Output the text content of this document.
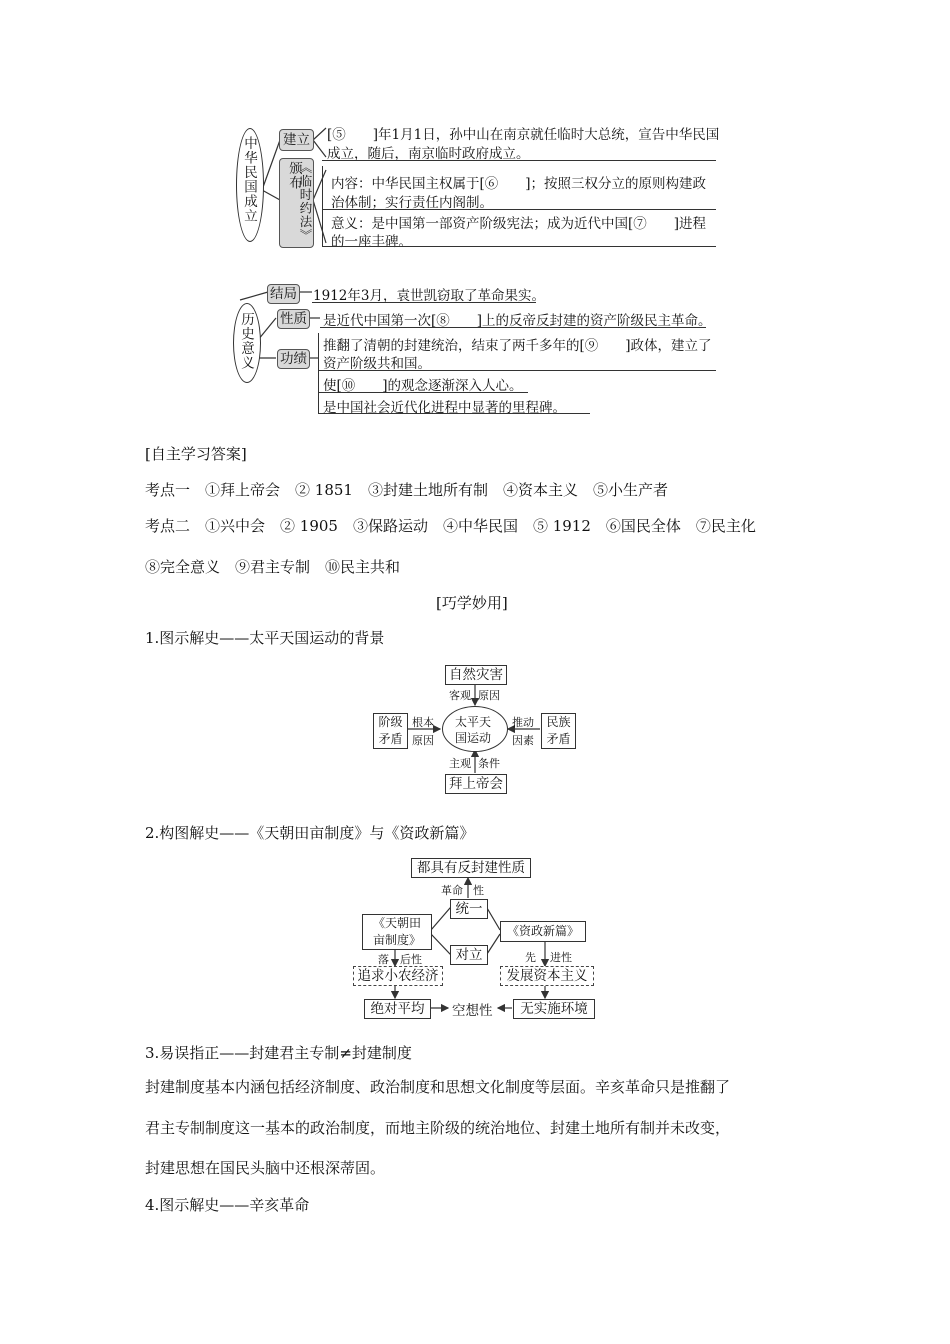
中华民国成立 建立
颁布
《临时约法》
[⑤　　]年1月1日，孙中山在南京就任临时大总统，宣告中华民国
成立，随后，南京临时政府成立。
内容：中华民国主权属于[⑥　　]；按照三权分立的原则构建政
治体制；实行责任内阁制。
意义：是中国第一部资产阶级宪法；成为近代中国[⑦　　]进程
的一座丰碑。
历史意义
结局
性质
功绩
1912年3月，袁世凯窃取了革命果实。
是近代中国第一次[⑧　　]上的反帝反封建的资产阶级民主革命。
推翻了清朝的封建统治，结束了两千多年的[⑨　　]政体，建立了
资产阶级共和国。
使[⑩　　]的观念逐渐深入人心。
是中国社会近代化进程中显著的里程碑。
[自主学习答案]
考点一　①拜上帝会　② 1851　③封建土地所有制　④资本主义　⑤小生产者
考点二　①兴中会　② 1905　③保路运动　④中华民国　⑤ 1912　⑥国民全体　⑦民主化
⑧完全意义　⑨君主专制　⑩民主共和
[巧学妙用]
1.图示解史——太平天国运动的背景
自然灾害
客观 原因
太平天
国运动
阶级
矛盾
根本
原因
民族
矛盾
推动
因素
主观 条件
拜上帝会
2.构图解史——《天朝田亩制度》与《资政新篇》
都具有反封建性质
革命 性
统一
对立
《天朝田
亩制度》
《资政新篇》
落 后性	先 进性
追求小农经济	发展资本主义
绝对平均	空想性	无实施环境
3.易误指正——封建君主专制≠封建制度
封建制度基本内涵包括经济制度、政治制度和思想文化制度等层面。辛亥革命只是推翻了
君主专制制度这一基本的政治制度，而地主阶级的统治地位、封建土地所有制并未改变，
封建思想在国民头脑中还根深蒂固。
4.图示解史——辛亥革命
